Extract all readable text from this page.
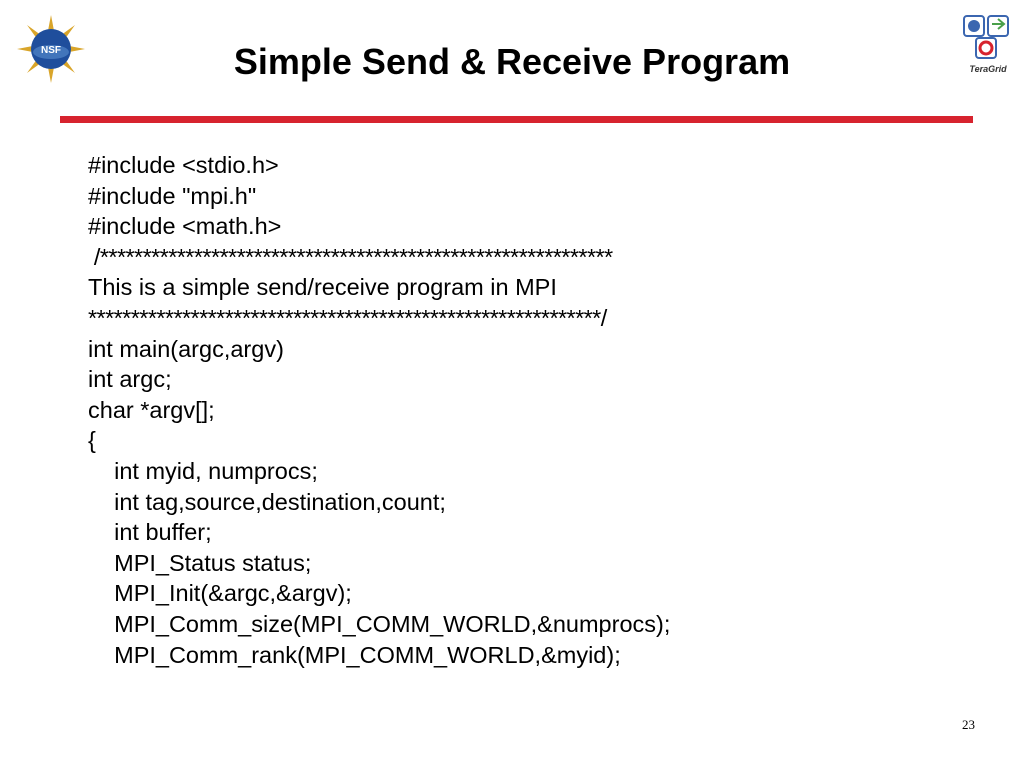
NSF
TeraGrid
Simple Send & Receive Program
#include <stdio.h>
#include "mpi.h"
#include <math.h>
/************************************************************
This is a simple send/receive program in MPI
************************************************************/
int main(argc,argv)
int argc;
char *argv[];
{
int myid, numprocs;
int tag,source,destination,count;
int buffer;
MPI_Status status;
MPI_Init(&argc,&argv);
MPI_Comm_size(MPI_COMM_WORLD,&numprocs);
MPI_Comm_rank(MPI_COMM_WORLD,&myid);
23
